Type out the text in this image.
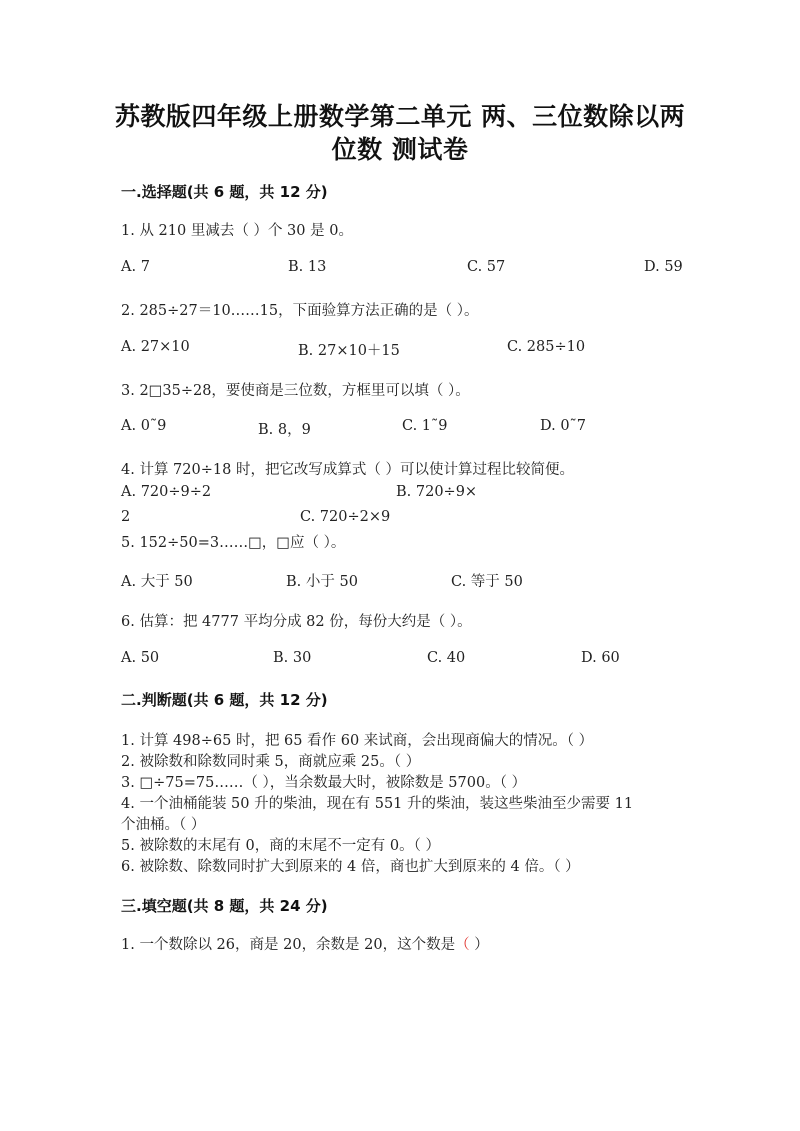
苏教版四年级上册数学第二单元 两、三位数除以两
位数 测试卷
一.选择题(共 6 题，共 12 分)
1. 从 210 里减去（ ）个 30 是 0。
A. 7	B. 13	C. 57	D. 59
2. 285÷27＝10……15，下面验算方法正确的是（ ）。
A. 27×10	B. 27×10＋15	C. 285÷10
3. 2□35÷28，要使商是三位数，方框里可以填（ ）。
A. 0˜9	B. 8，9	C. 1˜9	D. 0˜7
4. 计算 720÷18 时，把它改写成算式（ ）可以使计算过程比较简便。
A. 720÷9÷2	B. 720÷9×
2	C. 720÷2×9
5. 152÷50=3……□，□应（ ）。
A. 大于 50	B. 小于 50	C. 等于 50
6. 估算：把 4777 平均分成 82 份，每份大约是（ ）。
A. 50	B. 30	C. 40	D. 60
二.判断题(共 6 题，共 12 分)
1. 计算 498÷65 时，把 65 看作 60 来试商，会出现商偏大的情况。（ ）
2. 被除数和除数同时乘 5，商就应乘 25。（ ）
3. □÷75=75……（ ），当余数最大时，被除数是 5700。（ ）
4. 一个油桶能装 50 升的柴油，现在有 551 升的柴油，装这些柴油至少需要 11
个油桶。（ ）
5. 被除数的末尾有 0，商的末尾不一定有 0。（ ）
6. 被除数、除数同时扩大到原来的 4 倍，商也扩大到原来的 4 倍。（ ）
三.填空题(共 8 题，共 24 分)
1. 一个数除以 26，商是 20，余数是 20，这个数是（ ）
